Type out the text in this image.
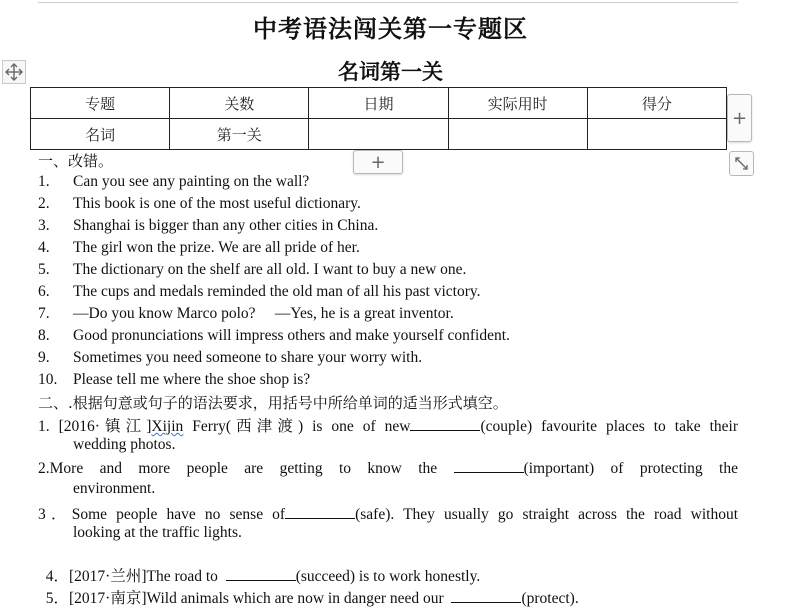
中考语法闯关第一专题区
名词第一关
专题	关数	日期	实际用时	得分
名词	第一关			
+
+
一、改错。
1. Can you see any painting on the wall?
2. This book is one of the most useful dictionary.
3. Shanghai is bigger than any other cities in China.
4. The girl won the prize. We are all pride of her.
5. The dictionary on the shelf are all old. I want to buy a new one.
6. The cups and medals reminded the old man of all his past victory.
7. —Do you know Marco polo?     —Yes, he is a great inventor.
8. Good pronunciations will impress others and make yourself confident.
9. Sometimes you need someone to share your worry with.
10. Please tell me where the shoe shop is?
二、.根据句意或句子的语法要求，用括号中所给单词的适当形式填空。
1. [2016·镇江]Xijin Ferry(西津渡) is one of new	(couple) favourite places to take their
wedding photos.
2.More and more people are getting to know the	(important) of protecting the
environment.
3．Some people have no sense of	(safe). They usually go straight across the road without
looking at the traffic lights.

4．[2017·兰州]The road to	(succeed) is to work honestly.

5．[2017·南京]Wild animals which are now in danger need our	(protect).
